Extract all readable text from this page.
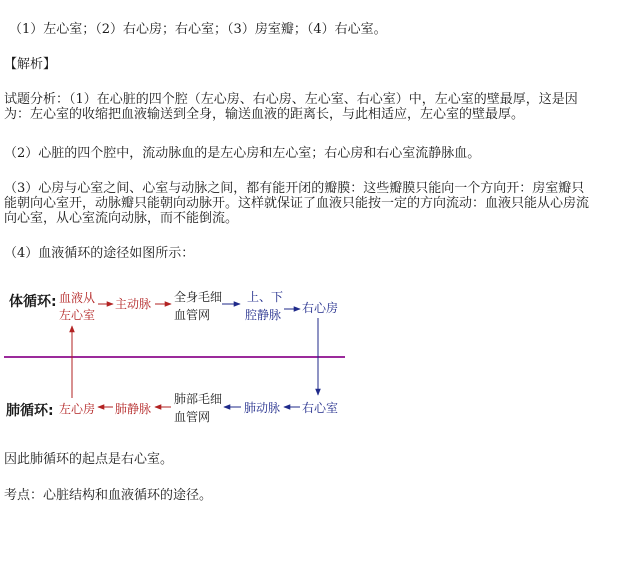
（1）左心室；（2）右心房；右心室；（3）房室瓣；（4）右心室。
【解析】
试题分析：（1）在心脏的四个腔（左心房、右心房、左心室、右心室）中，左心室的壁最厚，这是因
为：左心室的收缩把血液输送到全身，输送血液的距离长，与此相适应，左心室的壁最厚。
（2）心脏的四个腔中，流动脉血的是左心房和左心室；右心房和右心室流静脉血。
（3）心房与心室之间、心室与动脉之间，都有能开闭的瓣膜：这些瓣膜只能向一个方向开：房室瓣只
能朝向心室开，动脉瓣只能朝向动脉开。这样就保证了血液只能按一定的方向流动：血液只能从心房流
向心室，从心室流向动脉，而不能倒流。
（4）血液循环的途径如图所示：
体循环:
肺循环:
血液从
左心室
主动脉 全身毛细
血管网
上、下
腔静脉 右心房
左心房 肺静脉
肺部毛细
血管网
肺动脉 右心室
因此肺循环的起点是右心室。
考点：心脏结构和血液循环的途径。
